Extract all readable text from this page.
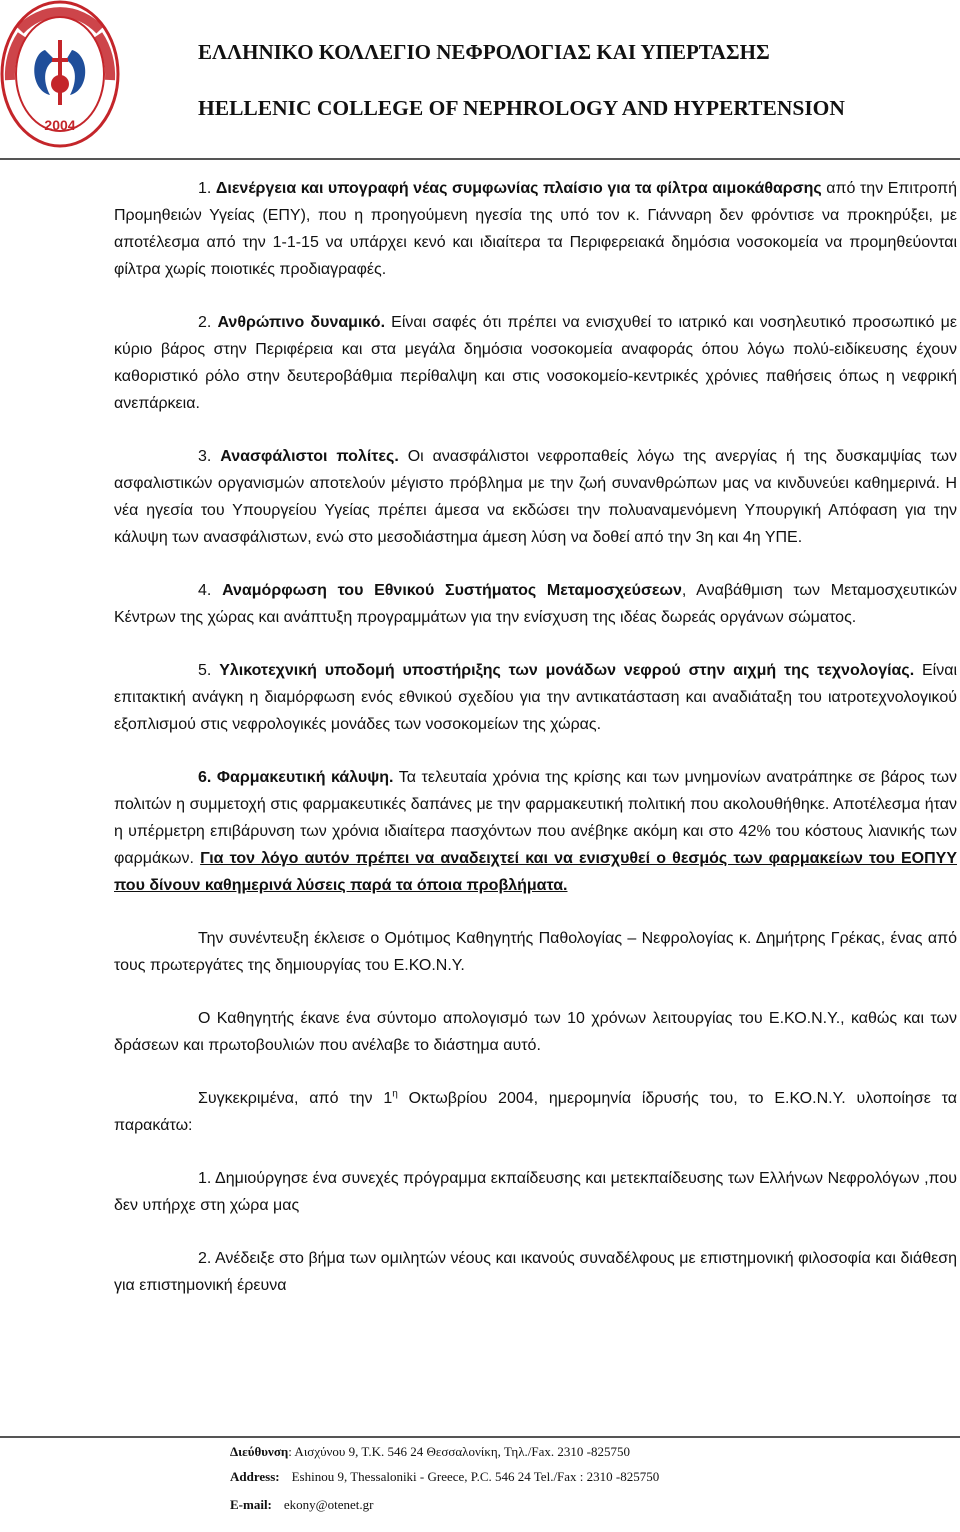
2004
ΕΛΛΗΝΙΚΟ ΚΟΛΛΕΓΙΟ ΝΕΦΡΟΛΟΓΙΑΣ ΚΑΙ ΥΠΕΡΤΑΣΗΣ
HELLENIC COLLEGE OF NEPHROLOGY AND HYPERTENSION

1. Διενέργεια και υπογραφή νέας συμφωνίας πλαίσιο για τα φίλτρα αιμοκάθαρσης από την Επιτροπή Προμηθειών Υγείας (ΕΠΥ), που η προηγούμενη ηγεσία της υπό τον κ. Γιάνναρη δεν φρόντισε να προκηρύξει, με αποτέλεσμα από την 1-1-15 να υπάρχει κενό και ιδιαίτερα τα Περιφερειακά δημόσια νοσοκομεία να προμηθεύονται φίλτρα χωρίς ποιοτικές προδιαγραφές.

2. Ανθρώπινο δυναμικό. Είναι σαφές ότι πρέπει να ενισχυθεί το ιατρικό και νοσηλευτικό προσωπικό με κύριο βάρος στην Περιφέρεια και στα μεγάλα δημόσια νοσοκομεία αναφοράς όπου λόγω πολύ-ειδίκευσης έχουν καθοριστικό ρόλο στην δευτεροβάθμια περίθαλψη και στις νοσοκομείο-κεντρικές χρόνιες παθήσεις όπως η νεφρική ανεπάρκεια.

3. Ανασφάλιστοι πολίτες. Οι ανασφάλιστοι νεφροπαθείς λόγω της ανεργίας ή της δυσκαμψίας των ασφαλιστικών οργανισμών αποτελούν μέγιστο πρόβλημα με την ζωή συνανθρώπων μας να κινδυνεύει καθημερινά. Η νέα ηγεσία του Υπουργείου Υγείας πρέπει άμεσα να εκδώσει την πολυαναμενόμενη Υπουργική Απόφαση για την κάλυψη των ανασφάλιστων, ενώ στο μεσοδιάστημα άμεση λύση να δοθεί από την 3η και 4η ΥΠΕ.

4. Αναμόρφωση του Εθνικού Συστήματος Μεταμοσχεύσεων, Αναβάθμιση των Μεταμοσχευτικών Κέντρων της χώρας και ανάπτυξη προγραμμάτων για την ενίσχυση της ιδέας δωρεάς οργάνων σώματος.

5. Υλικοτεχνική υποδομή υποστήριξης των μονάδων νεφρού στην αιχμή της τεχνολογίας. Είναι επιτακτική ανάγκη η διαμόρφωση ενός εθνικού σχεδίου για την αντικατάσταση και αναδιάταξη του ιατροτεχνολογικού εξοπλισμού στις νεφρολογικές μονάδες των νοσοκομείων της χώρας.

6. Φαρμακευτική κάλυψη. Τα τελευταία χρόνια της κρίσης και των μνημονίων ανατράπηκε σε βάρος των πολιτών η συμμετοχή στις φαρμακευτικές δαπάνες με την φαρμακευτική πολιτική που ακολουθήθηκε. Αποτέλεσμα ήταν η υπέρμετρη επιβάρυνση των χρόνια ιδιαίτερα πασχόντων που ανέβηκε ακόμη και στο 42% του κόστους λιανικής των φαρμάκων. Για τον λόγο αυτόν πρέπει να αναδειχτεί και να ενισχυθεί ο θεσμός των φαρμακείων του ΕΟΠΥΥ που δίνουν καθημερινά λύσεις παρά τα όποια προβλήματα.

Την συνέντευξη έκλεισε ο Ομότιμος Καθηγητής Παθολογίας – Νεφρολογίας κ. Δημήτρης Γρέκας, ένας από τους πρωτεργάτες της δημιουργίας του Ε.ΚΟ.Ν.Υ.

Ο Καθηγητής έκανε ένα σύντομο απολογισμό των 10 χρόνων λειτουργίας του Ε.ΚΟ.Ν.Υ., καθώς και των δράσεων και πρωτοβουλιών που ανέλαβε το διάστημα αυτό.

Συγκεκριμένα, από την $1^\eta$ Οκτωβρίου 2004, ημερομηνία ίδρυσής του, το Ε.ΚΟ.Ν.Υ. υλοποίησε τα παρακάτω:

1. Δημιούργησε ένα συνεχές πρόγραμμα εκπαίδευσης και μετεκπαίδευσης των Ελλήνων Νεφρολόγων ,που δεν υπήρχε στη χώρα μας

2. Ανέδειξε στο βήμα των ομιλητών νέους και ικανούς συναδέλφους με επιστημονική φιλοσοφία και διάθεση για επιστημονική έρευνα

Διεύθυνση: Αισχύνου 9, Τ.Κ. 546 24 Θεσσαλονίκη, Τηλ./Fax. 2310 -825750
Address: Eshinou 9, Thessaloniki - Greece, P.C. 546 24 Tel./Fax : 2310 -825750
E-mail: ekony@otenet.gr
